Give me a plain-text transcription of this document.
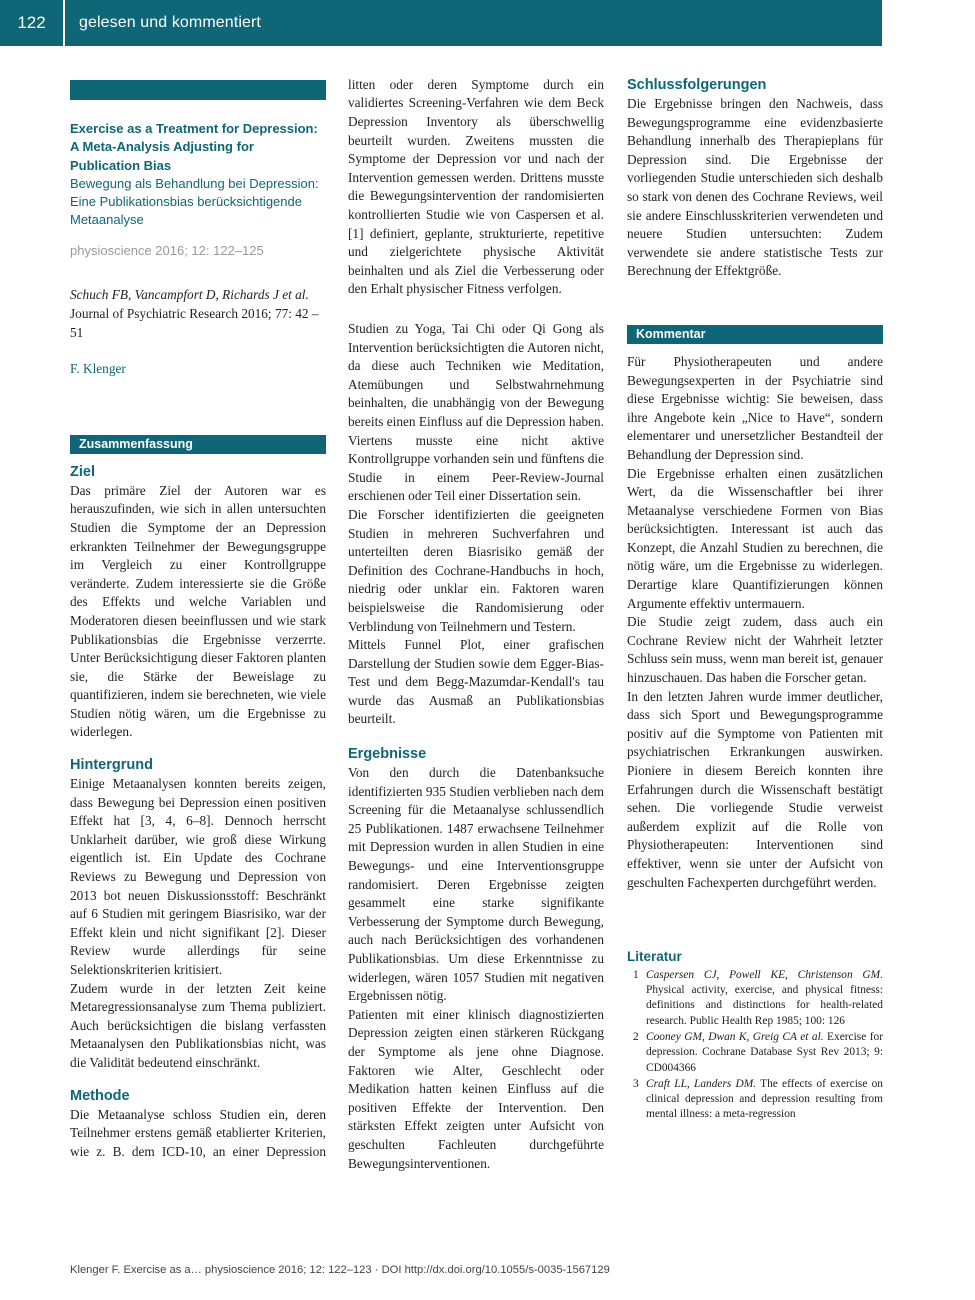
122	gelesen und kommentiert
Exercise as a Treatment for Depression: A Meta-Analysis Adjusting for Publication Bias
Bewegung als Behandlung bei Depression: Eine Publikationsbias berücksichtigende Metaanalyse
physioscience 2016; 12: 122–125
Schuch FB, Vancampfort D, Richards J et al. Journal of Psychiatric Research 2016; 77: 42 – 51
F. Klenger
Zusammenfassung
Ziel

Das primäre Ziel der Autoren war es herauszufinden, wie sich in allen untersuchten Studien die Symptome der an Depression erkrankten Teilnehmer der Bewegungsgruppe im Vergleich zu einer Kontrollgruppe veränderte. Zudem interessierte sie die Größe des Effekts und welche Variablen und Moderatoren diesen beeinflussen und wie stark Publikationsbias die Ergebnisse verzerrte. Unter Berücksichtigung dieser Faktoren planten sie, die Stärke der Beweislage zu quantifizieren, indem sie berechneten, wie viele Studien nötig wären, um die Ergebnisse zu widerlegen.

Hintergrund

Einige Metaanalysen konnten bereits zeigen, dass Bewegung bei Depression einen positiven Effekt hat [3, 4, 6–8]. Dennoch herrscht Unklarheit darüber, wie groß diese Wirkung eigentlich ist. Ein Update des Cochrane Reviews zu Bewegung und Depression von 2013 bot neuen Diskussionsstoff: Beschränkt auf 6 Studien mit geringem Biasrisiko, war der Effekt klein und nicht signifikant [2]. Dieser Review wurde allerdings für seine Selektionskriterien kritisiert.

Zudem wurde in der letzten Zeit keine Metaregressionsanalyse zum Thema publiziert. Auch berücksichtigen die bislang verfassten Metaanalysen den Publikationsbias nicht, was die Validität bedeutend einschränkt.

Methode

Die Metaanalyse schloss Studien ein, deren Teilnehmer erstens gemäß etablierter Kriterien, wie z. B. dem ICD-10, an einer Depression

litten oder deren Symptome durch ein validiertes Screening-Verfahren wie dem Beck Depression Inventory als überschwellig beurteilt wurden. Zweitens mussten die Symptome der Depression vor und nach der Intervention gemessen werden. Drittens musste die Bewegungsintervention der randomisierten kontrollierten Studie wie von Caspersen et al. [1] definiert, geplante, strukturierte, repetitive und zielgerichtete physische Aktivität beinhalten und als Ziel die Verbesserung oder den Erhalt physischer Fitness verfolgen.

Studien zu Yoga, Tai Chi oder Qi Gong als Intervention berücksichtigten die Autoren nicht, da diese auch Techniken wie Meditation, Atemübungen und Selbstwahrnehmung beinhalten, die unabhängig von der Bewegung bereits einen Einfluss auf die Depression haben. Viertens musste eine nicht aktive Kontrollgruppe vorhanden sein und fünftens die Studie in einem Peer-Review-Journal erschienen oder Teil einer Dissertation sein.

Die Forscher identifizierten die geeigneten Studien in mehreren Suchverfahren und unterteilten deren Biasrisiko gemäß der Definition des Cochrane-Handbuchs in hoch, niedrig oder unklar ein. Faktoren waren beispielsweise die Randomisierung oder Verblindung von Teilnehmern und Testern.

Mittels Funnel Plot, einer grafischen Darstellung der Studien sowie dem Egger-Bias-Test und dem Begg-Mazumdar-Kendall's tau wurde das Ausmaß an Publikationsbias beurteilt.

Ergebnisse

Von den durch die Datenbanksuche identifizierten 935 Studien verblieben nach dem Screening für die Metaanalyse schlussendlich 25 Publikationen. 1487 erwachsene Teilnehmer mit Depression wurden in allen Studien in eine Bewegungs- und eine Interventionsgruppe randomisiert. Deren Ergebnisse zeigten gesammelt eine starke signifikante Verbesserung der Symptome durch Bewegung, auch nach Berücksichtigen des vorhandenen Publikationsbias. Um diese Erkenntnisse zu widerlegen, wären 1057 Studien mit negativen Ergebnissen nötig.

Patienten mit einer klinisch diagnostizierten Depression zeigten einen stärkeren Rückgang der Symptome als jene ohne Diagnose. Faktoren wie Alter, Geschlecht oder Medikation hatten keinen Einfluss auf die positiven Effekte der Intervention. Den stärksten Effekt zeigten unter Aufsicht von geschulten Fachleuten durchgeführte Bewegungsinterventionen.

Schlussfolgerungen

Die Ergebnisse bringen den Nachweis, dass Bewegungsprogramme eine evidenzbasierte Behandlung innerhalb des Therapieplans für Depression sind. Die Ergebnisse der vorliegenden Studie unterschieden sich deshalb so stark von denen des Cochrane Reviews, weil sie andere Einschlusskriterien verwendeten und neuere Studien untersuchten: Zudem verwendete sie andere statistische Tests zur Berechnung der Effektgröße.

Kommentar

Für Physiotherapeuten und andere Bewegungsexperten in der Psychiatrie sind diese Ergebnisse wichtig: Sie beweisen, dass ihre Angebote kein „Nice to Have“, sondern elementarer und unersetzlicher Bestandteil der Behandlung der Depression sind.

Die Ergebnisse erhalten einen zusätzlichen Wert, da die Wissenschaftler bei ihrer Metaanalyse verschiedene Formen von Bias berücksichtigten. Interessant ist auch das Konzept, die Anzahl Studien zu berechnen, die nötig wäre, um die Ergebnisse zu widerlegen. Derartige klare Quantifizierungen können Argumente effektiv untermauern.

Die Studie zeigt zudem, dass auch ein Cochrane Review nicht der Wahrheit letzter Schluss sein muss, wenn man bereit ist, genauer hinzuschauen. Das haben die Forscher getan.

In den letzten Jahren wurde immer deutlicher, dass sich Sport und Bewegungsprogramme positiv auf die Symptome von Patienten mit psychiatrischen Erkrankungen auswirken. Pioniere in diesem Bereich konnten ihre Erfahrungen durch die Wissenschaft bestätigt sehen. Die vorliegende Studie verweist außerdem explizit auf die Rolle von Physiotherapeuten: Interventionen sind effektiver, wenn sie unter der Aufsicht von geschulten Fachexperten durchgeführt werden.

Literatur
1 Caspersen CJ, Powell KE, Christenson GM. Physical activity, exercise, and physical fitness: definitions and distinctions for health-related research. Public Health Rep 1985; 100: 126
2 Cooney GM, Dwan K, Greig CA et al. Exercise for depression. Cochrane Database Syst Rev 2013; 9: CD004366
3 Craft LL, Landers DM. The effects of exercise on clinical depression and depression resulting from mental illness: a meta-regression
Klenger F. Exercise as a… physioscience 2016; 12: 122–123 · DOI http://dx.doi.org/10.1055/s-0035-1567129
